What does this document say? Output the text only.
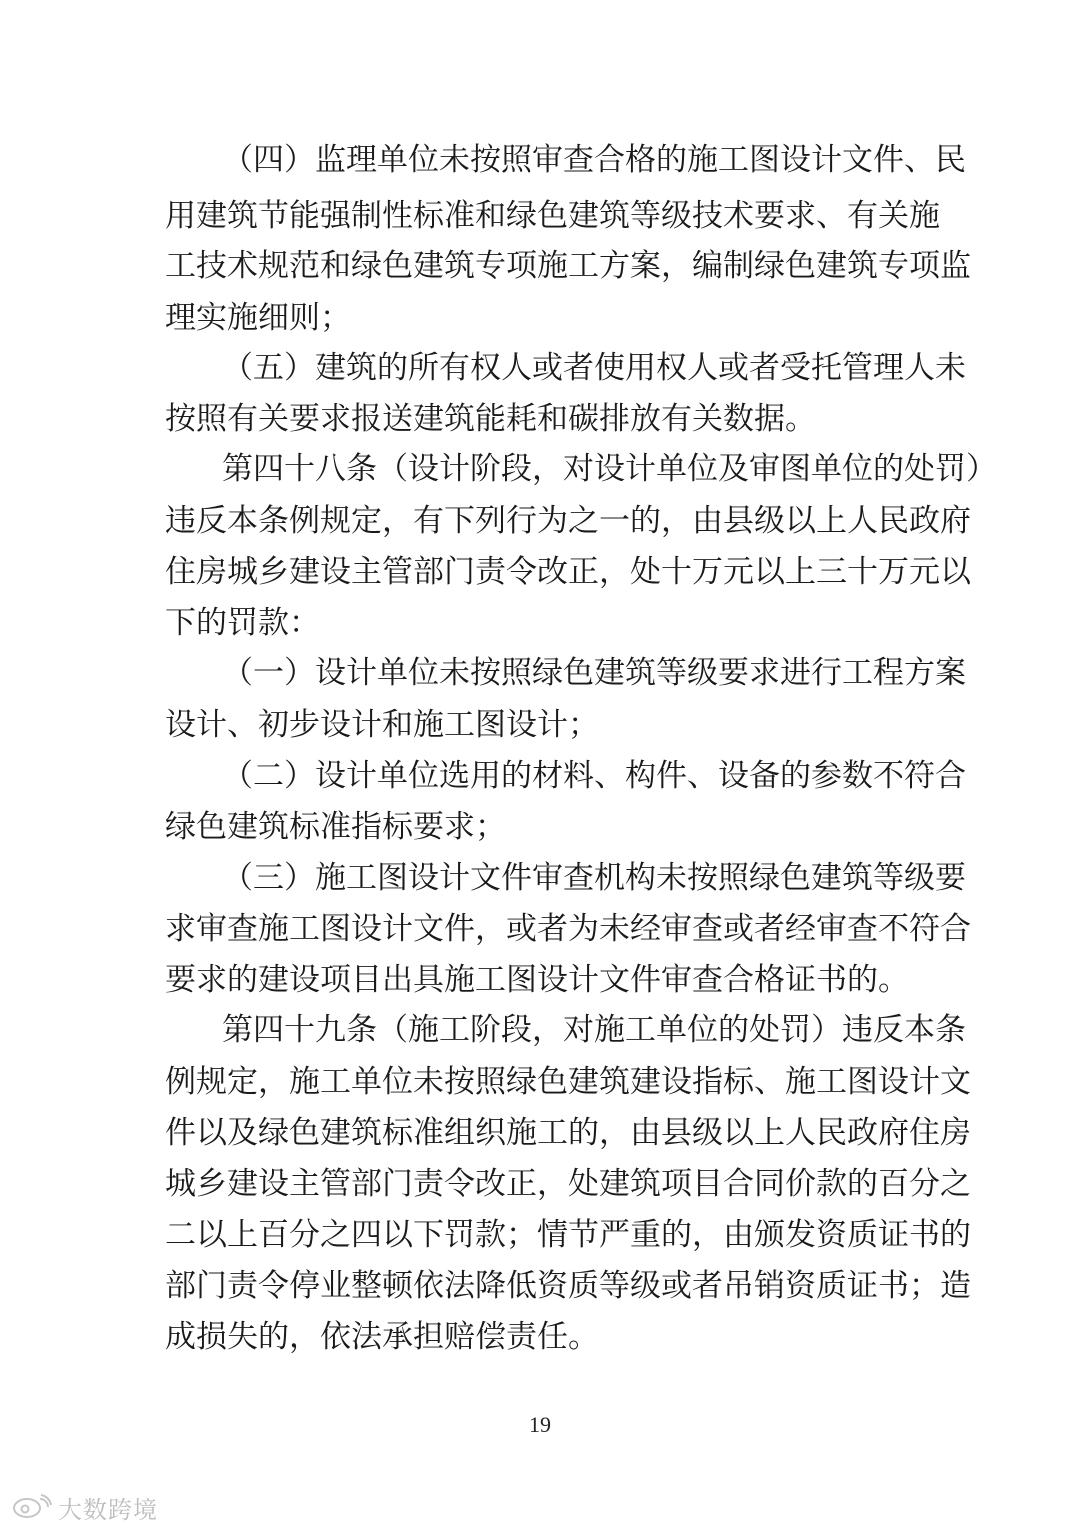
（四）监理单位未按照审查合格的施工图设计文件、民
用建筑节能强制性标准和绿色建筑等级技术要求、有关施
工技术规范和绿色建筑专项施工方案，编制绿色建筑专项监
理实施细则；
（五）建筑的所有权人或者使用权人或者受托管理人未
按照有关要求报送建筑能耗和碳排放有关数据。
第四十八条（设计阶段，对设计单位及审图单位的处罚）
违反本条例规定，有下列行为之一的，由县级以上人民政府
住房城乡建设主管部门责令改正，处十万元以上三十万元以
下的罚款：
（一）设计单位未按照绿色建筑等级要求进行工程方案
设计、初步设计和施工图设计；
（二）设计单位选用的材料、构件、设备的参数不符合
绿色建筑标准指标要求；
（三）施工图设计文件审查机构未按照绿色建筑等级要
求审查施工图设计文件，或者为未经审查或者经审查不符合
要求的建设项目出具施工图设计文件审查合格证书的。
第四十九条（施工阶段，对施工单位的处罚）违反本条
例规定，施工单位未按照绿色建筑建设指标、施工图设计文
件以及绿色建筑标准组织施工的，由县级以上人民政府住房
城乡建设主管部门责令改正，处建筑项目合同价款的百分之
二以上百分之四以下罚款；情节严重的，由颁发资质证书的
部门责令停业整顿依法降低资质等级或者吊销资质证书；造
成损失的，依法承担赔偿责任。
19
大数跨境
